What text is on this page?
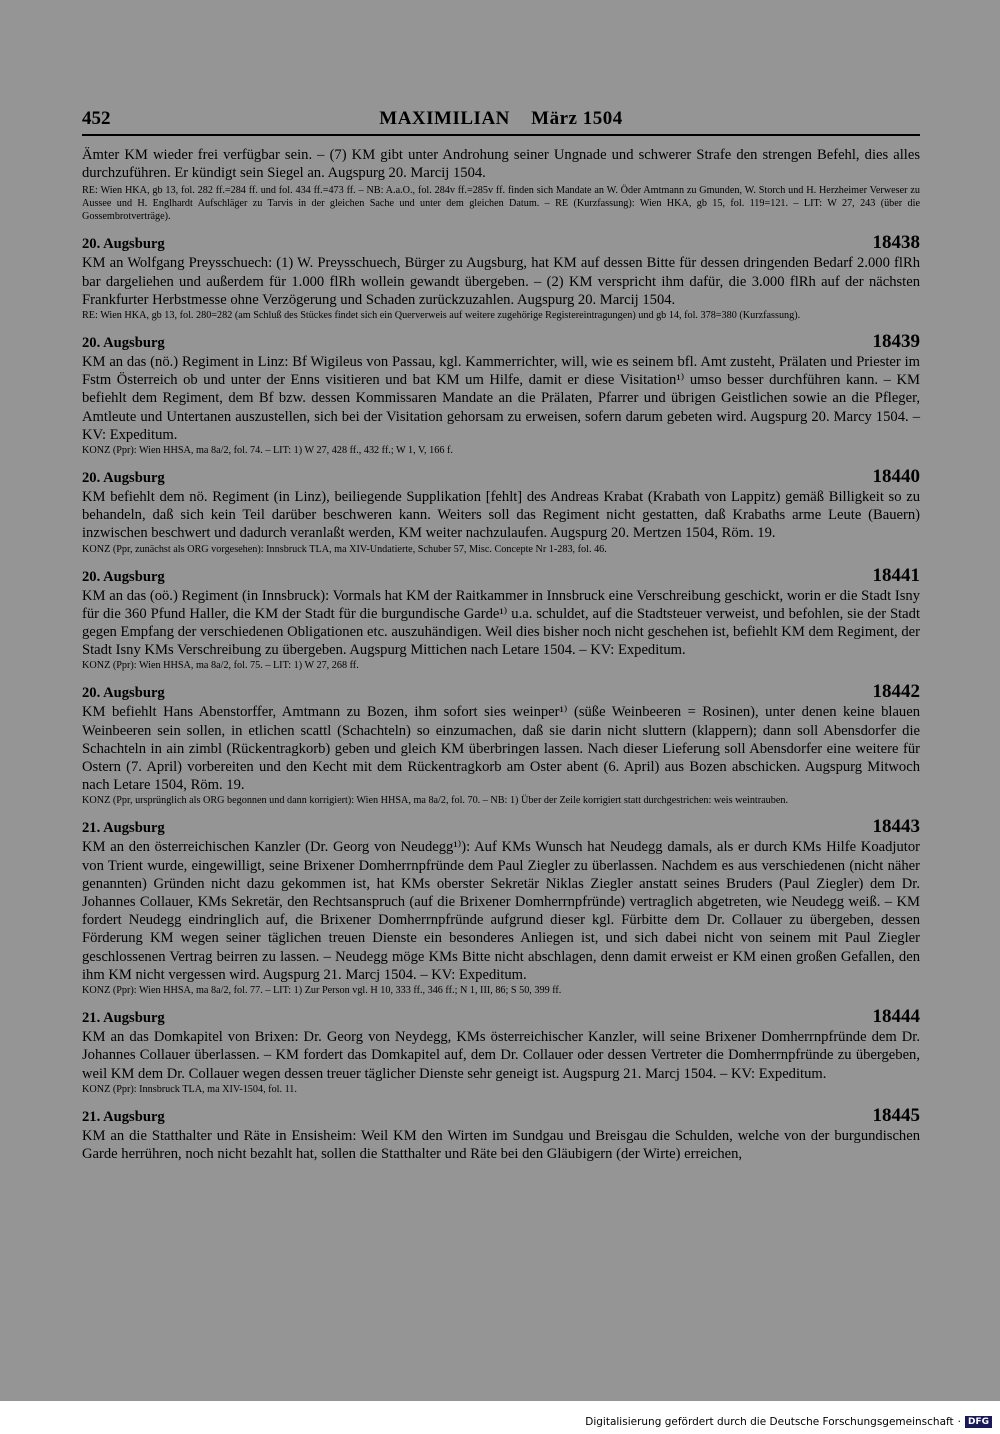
452	MAXIMILIAN März 1504
Ämter KM wieder frei verfügbar sein. – (7) KM gibt unter Androhung seiner Ungnade und schwerer Strafe den strengen Befehl, dies alles durchzuführen. Er kündigt sein Siegel an. Augspurg 20. Marcij 1504.
RE: Wien HKA, gb 13, fol. 282 ff.=284 ff. und fol. 434 ff.=473 ff. – NB: A.a.O., fol. 284v ff.=285v ff. finden sich Mandate an W. Öder Amtmann zu Gmunden, W. Storch und H. Herzheimer Verweser zu Aussee und H. Englhardt Aufschläger zu Tarvis in der gleichen Sache und unter dem gleichen Datum. – RE (Kurzfassung): Wien HKA, gb 15, fol. 119=121. – LIT: W 27, 243 (über die Gossembrotverträge).
20. Augsburg	18438
KM an Wolfgang Preysschuech: (1) W. Preysschuech, Bürger zu Augsburg, hat KM auf dessen Bitte für dessen dringenden Bedarf 2.000 flRh bar dargeliehen und außerdem für 1.000 flRh wollein gewandt übergeben. – (2) KM verspricht ihm dafür, die 3.000 flRh auf der nächsten Frankfurter Herbstmesse ohne Verzögerung und Schaden zurückzuzahlen. Augspurg 20. Marcij 1504.
RE: Wien HKA, gb 13, fol. 280=282 (am Schluß des Stückes findet sich ein Querverweis auf weitere zugehörige Registereintragungen) und gb 14, fol. 378=380 (Kurzfassung).
20. Augsburg	18439
KM an das (nö.) Regiment in Linz: Bf Wigileus von Passau, kgl. Kammerrichter, will, wie es seinem bfl. Amt zusteht, Prälaten und Priester im Fstm Österreich ob und unter der Enns visitieren und bat KM um Hilfe, damit er diese Visitation¹⁾ umso besser durchführen kann. – KM befiehlt dem Regiment, dem Bf bzw. dessen Kommissaren Mandate an die Prälaten, Pfarrer und übrigen Geistlichen sowie an die Pfleger, Amtleute und Untertanen auszustellen, sich bei der Visitation gehorsam zu erweisen, sofern darum gebeten wird. Augspurg 20. Marcy 1504. – KV: Expeditum.
KONZ (Ppr): Wien HHSA, ma 8a/2, fol. 74. – LIT: 1) W 27, 428 ff., 432 ff.; W 1, V, 166 f.
20. Augsburg	18440
KM befiehlt dem nö. Regiment (in Linz), beiliegende Supplikation [fehlt] des Andreas Krabat (Krabath von Lappitz) gemäß Billigkeit so zu behandeln, daß sich kein Teil darüber beschweren kann. Weiters soll das Regiment nicht gestatten, daß Krabaths arme Leute (Bauern) inzwischen beschwert und dadurch veranlaßt werden, KM weiter nachzulaufen. Augspurg 20. Mertzen 1504, Röm. 19.
KONZ (Ppr, zunächst als ORG vorgesehen): Innsbruck TLA, ma XIV-Undatierte, Schuber 57, Misc. Concepte Nr 1-283, fol. 46.
20. Augsburg	18441
KM an das (oö.) Regiment (in Innsbruck): Vormals hat KM der Raitkammer in Innsbruck eine Verschreibung geschickt, worin er die Stadt Isny für die 360 Pfund Haller, die KM der Stadt für die burgundische Garde¹⁾ u.a. schuldet, auf die Stadtsteuer verweist, und befohlen, sie der Stadt gegen Empfang der verschiedenen Obligationen etc. auszuhändigen. Weil dies bisher noch nicht geschehen ist, befiehlt KM dem Regiment, der Stadt Isny KMs Verschreibung zu übergeben. Augspurg Mittichen nach Letare 1504. – KV: Expeditum.
KONZ (Ppr): Wien HHSA, ma 8a/2, fol. 75. – LIT: 1) W 27, 268 ff.
20. Augsburg	18442
KM befiehlt Hans Abenstorffer, Amtmann zu Bozen, ihm sofort sies weinper¹⁾ (süße Weinbeeren = Rosinen), unter denen keine blauen Weinbeeren sein sollen, in etlichen scattl (Schachteln) so einzumachen, daß sie darin nicht sluttern (klappern); dann soll Abensdorfer die Schachteln in ain zimbl (Rückentragkorb) geben und gleich KM überbringen lassen. Nach dieser Lieferung soll Abensdorfer eine weitere für Ostern (7. April) vorbereiten und den Kecht mit dem Rückentragkorb am Oster abent (6. April) aus Bozen abschicken. Augspurg Mitwoch nach Letare 1504, Röm. 19.
KONZ (Ppr, ursprünglich als ORG begonnen und dann korrigiert): Wien HHSA, ma 8a/2, fol. 70. – NB: 1) Über der Zeile korrigiert statt durchgestrichen: weis weintrauben.
21. Augsburg	18443
KM an den österreichischen Kanzler (Dr. Georg von Neudegg¹⁾): Auf KMs Wunsch hat Neudegg damals, als er durch KMs Hilfe Koadjutor von Trient wurde, eingewilligt, seine Brixener Domherrnpfründe dem Paul Ziegler zu überlassen. Nachdem es aus verschiedenen (nicht näher genannten) Gründen nicht dazu gekommen ist, hat KMs oberster Sekretär Niklas Ziegler anstatt seines Bruders (Paul Ziegler) dem Dr. Johannes Collauer, KMs Sekretär, den Rechtsanspruch (auf die Brixener Domherrnpfründe) vertraglich abgetreten, wie Neudegg weiß. – KM fordert Neudegg eindringlich auf, die Brixener Domherrnpfründe aufgrund dieser kgl. Fürbitte dem Dr. Collauer zu übergeben, dessen Förderung KM wegen seiner täglichen treuen Dienste ein besonderes Anliegen ist, und sich dabei nicht von seinem mit Paul Ziegler geschlossenen Vertrag beirren zu lassen. – Neudegg möge KMs Bitte nicht abschlagen, denn damit erweist er KM einen großen Gefallen, den ihm KM nicht vergessen wird. Augspurg 21. Marcj 1504. – KV: Expeditum.
KONZ (Ppr): Wien HHSA, ma 8a/2, fol. 77. – LIT: 1) Zur Person vgl. H 10, 333 ff., 346 ff.; N 1, III, 86; S 50, 399 ff.
21. Augsburg	18444
KM an das Domkapitel von Brixen: Dr. Georg von Neydegg, KMs österreichischer Kanzler, will seine Brixener Domherrnpfründe dem Dr. Johannes Collauer überlassen. – KM fordert das Domkapitel auf, dem Dr. Collauer oder dessen Vertreter die Domherrnpfründe zu übergeben, weil KM dem Dr. Collauer wegen dessen treuer täglicher Dienste sehr geneigt ist. Augspurg 21. Marcj 1504. – KV: Expeditum.
KONZ (Ppr): Innsbruck TLA, ma XIV-1504, fol. 11.
21. Augsburg	18445
KM an die Statthalter und Räte in Ensisheim: Weil KM den Wirten im Sundgau und Breisgau die Schulden, welche von der burgundischen Garde herrühren, noch nicht bezahlt hat, sollen die Statthalter und Räte bei den Gläubigern (der Wirte) erreichen,
Digitalisierung gefördert durch die Deutsche Forschungsgemeinschaft · DFG
